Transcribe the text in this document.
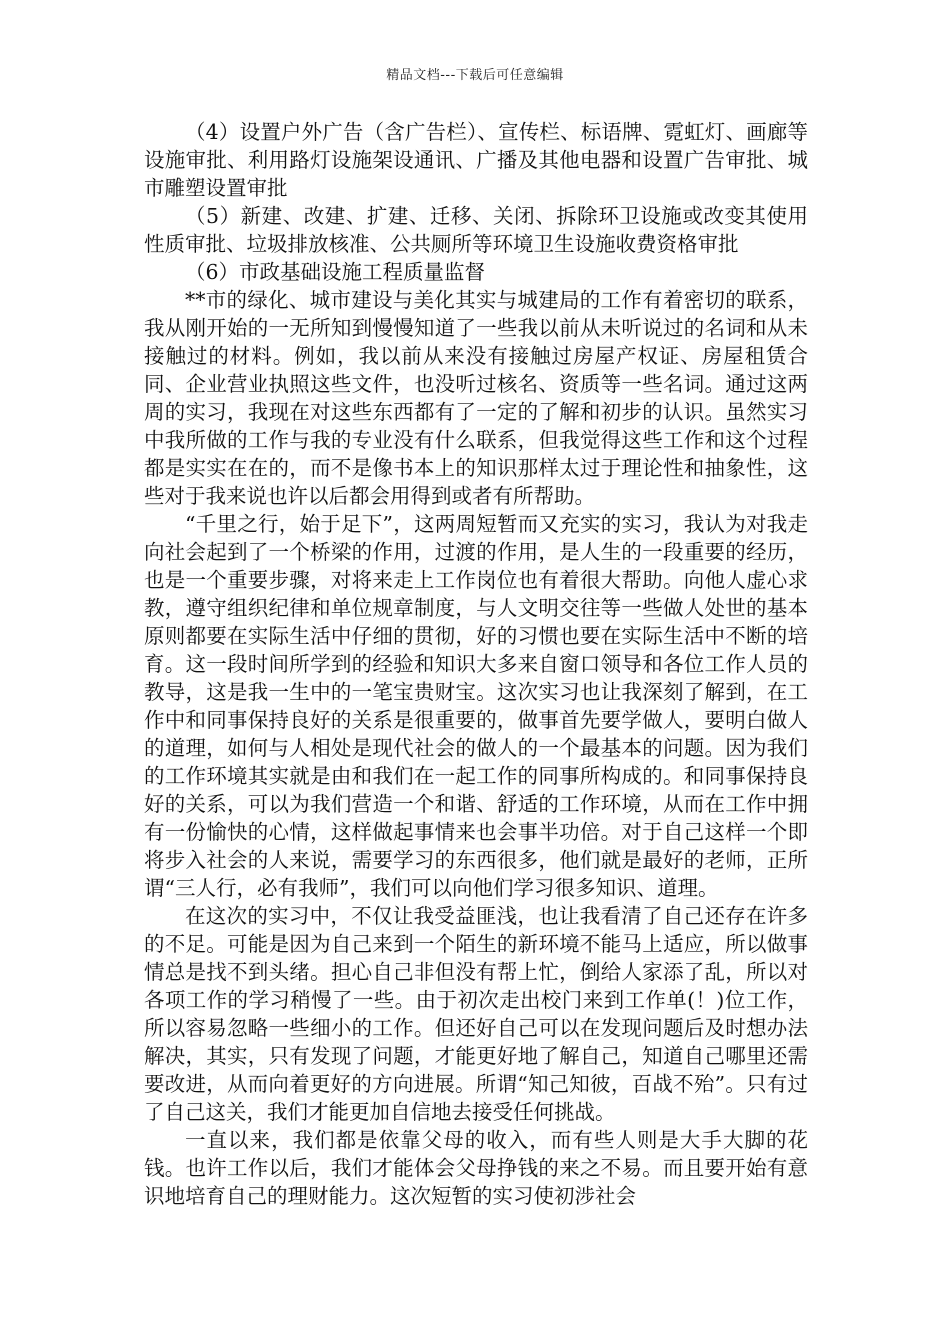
精品文档---下载后可任意编辑

（4）设置户外广告（含广告栏）、宣传栏、标语牌、霓虹灯、画廊等设施审批、利用路灯设施架设通讯、广播及其他电器和设置广告审批、城市雕塑设置审批

（5）新建、改建、扩建、迁移、关闭、拆除环卫设施或改变其使用性质审批、垃圾排放核准、公共厕所等环境卫生设施收费资格审批

（6）市政基础设施工程质量监督

**市的绿化、城市建设与美化其实与城建局的工作有着密切的联系，我从刚开始的一无所知到慢慢知道了一些我以前从未听说过的名词和从未接触过的材料。例如，我以前从来没有接触过房屋产权证、房屋租赁合同、企业营业执照这些文件，也没听过核名、资质等一些名词。通过这两周的实习，我现在对这些东西都有了一定的了解和初步的认识。虽然实习中我所做的工作与我的专业没有什么联系，但我觉得这些工作和这个过程都是实实在在的，而不是像书本上的知识那样太过于理论性和抽象性，这些对于我来说也许以后都会用得到或者有所帮助。

“千里之行，始于足下”，这两周短暂而又充实的实习，我认为对我走向社会起到了一个桥梁的作用，过渡的作用，是人生的一段重要的经历，也是一个重要步骤，对将来走上工作岗位也有着很大帮助。向他人虚心求教，遵守组织纪律和单位规章制度，与人文明交往等一些做人处世的基本原则都要在实际生活中仔细的贯彻，好的习惯也要在实际生活中不断的培育。这一段时间所学到的经验和知识大多来自窗口领导和各位工作人员的教导，这是我一生中的一笔宝贵财宝。这次实习也让我深刻了解到，在工作中和同事保持良好的关系是很重要的，做事首先要学做人，要明白做人的道理，如何与人相处是现代社会的做人的一个最基本的问题。因为我们的工作环境其实就是由和我们在一起工作的同事所构成的。和同事保持良好的关系，可以为我们营造一个和谐、舒适的工作环境，从而在工作中拥有一份愉快的心情，这样做起事情来也会事半功倍。对于自己这样一个即将步入社会的人来说，需要学习的东西很多，他们就是最好的老师，正所谓“三人行，必有我师”，我们可以向他们学习很多知识、道理。

在这次的实习中，不仅让我受益匪浅，也让我看清了自己还存在许多的不足。可能是因为自己来到一个陌生的新环境不能马上适应，所以做事情总是找不到头绪。担心自己非但没有帮上忙，倒给人家添了乱，所以对各项工作的学习稍慢了一些。由于初次走出校门来到工作单(！)位工作，所以容易忽略一些细小的工作。但还好自己可以在发现问题后及时想办法解决，其实，只有发现了问题，才能更好地了解自己，知道自己哪里还需要改进，从而向着更好的方向进展。所谓“知己知彼，百战不殆”。只有过了自己这关，我们才能更加自信地去接受任何挑战。

一直以来，我们都是依靠父母的收入，而有些人则是大手大脚的花钱。也许工作以后，我们才能体会父母挣钱的来之不易。而且要开始有意识地培育自己的理财能力。这次短暂的实习使初涉社会
